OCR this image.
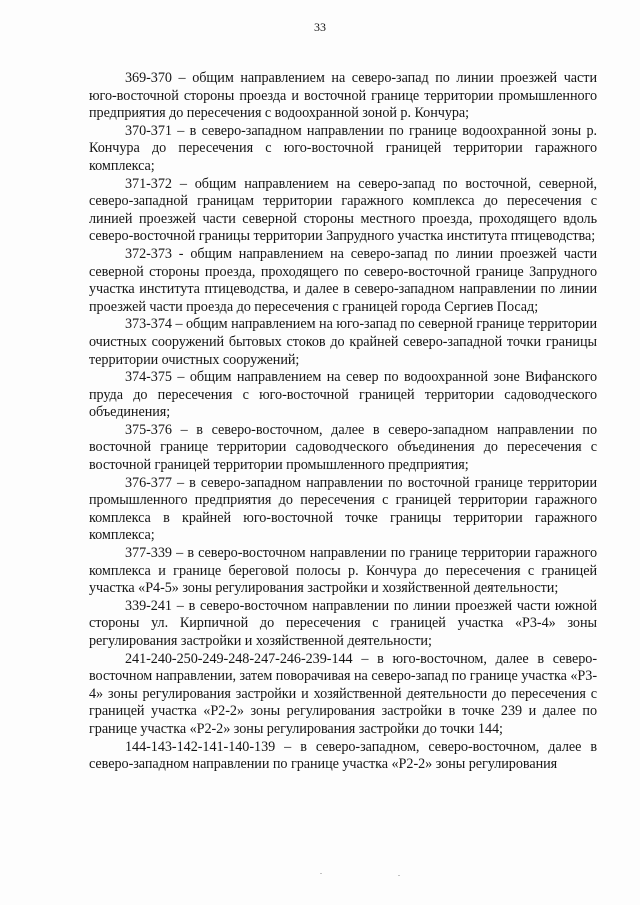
33

369-370 – общим направлением на северо-запад по линии проезжей части юго-восточной стороны проезда и восточной границе территории промышленного предприятия до пересечения с водоохранной зоной р. Кончура;

370-371 – в северо-западном направлении по границе водоохранной зоны р. Кончура до пересечения с юго-восточной границей территории гаражного комплекса;

371-372 – общим направлением на северо-запад по восточной, северной, северо-западной границам территории гаражного комплекса до пересечения с линией проезжей части северной стороны местного проезда, проходящего вдоль северо-восточной границы территории Запрудного участка института птицеводства;

372-373 - общим направлением на северо-запад по линии проезжей части северной стороны проезда, проходящего по северо-восточной границе Запрудного участка института птицеводства, и далее в северо-западном направлении по линии проезжей части проезда до пересечения с границей города Сергиев Посад;

373-374 – общим направлением на юго-запад по северной границе территории очистных сооружений бытовых стоков до крайней северо-западной точки границы территории очистных сооружений;

374-375 – общим направлением на север по водоохранной зоне Вифанского пруда до пересечения с юго-восточной границей территории садоводческого объединения;

375-376 – в северо-восточном, далее в северо-западном направлении по восточной границе территории садоводческого объединения до пересечения с восточной границей территории промышленного предприятия;

376-377 – в северо-западном направлении по восточной границе территории промышленного предприятия до пересечения с границей территории гаражного комплекса в крайней юго-восточной точке границы территории гаражного комплекса;

377-339 – в северо-восточном направлении по границе территории гаражного комплекса и границе береговой полосы р. Кончура до пересечения с границей участка «Р4-5» зоны регулирования застройки и хозяйственной деятельности;

339-241 – в северо-восточном направлении по линии проезжей части южной стороны ул. Кирпичной до пересечения с границей участка «Р3-4» зоны регулирования застройки и хозяйственной деятельности;

241-240-250-249-248-247-246-239-144 – в юго-восточном, далее в северо-восточном направлении, затем поворачивая на северо-запад по границе участка «Р3-4» зоны регулирования застройки и хозяйственной деятельности до пересечения с границей участка «Р2-2» зоны регулирования застройки в точке 239 и далее по границе участка «Р2-2» зоны регулирования застройки до точки 144;

144-143-142-141-140-139 – в северо-западном, северо-восточном, далее в северо-западном направлении по границе участка «Р2-2» зоны регулирования
